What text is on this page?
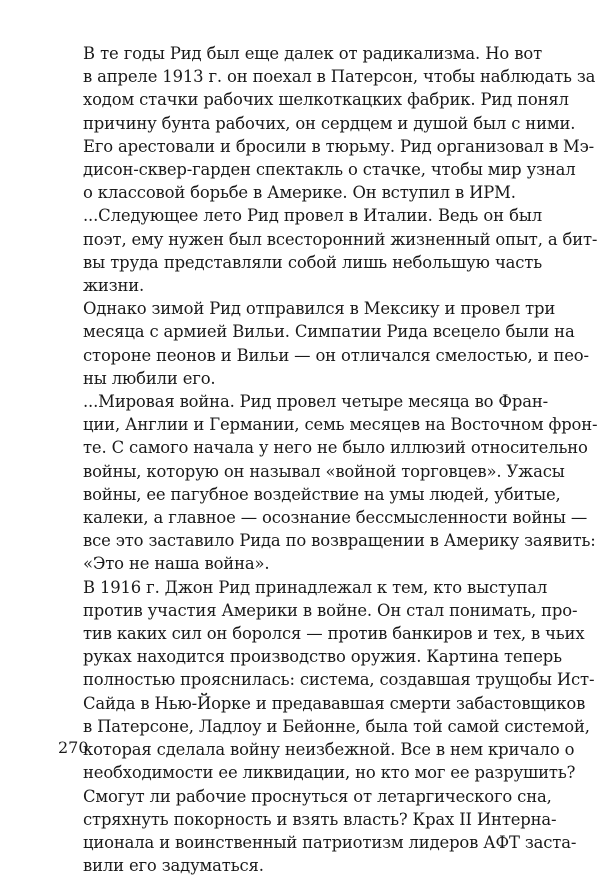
В те годы Рид был еще далек от радикализма. Но вот
в апреле 1913 г. он поехал в Патерсон, чтобы наблюдать за
ходом стачки рабочих шелкоткацких фабрик. Рид понял
причину бунта рабочих, он сердцем и душой был с ними.
Его арестовали и бросили в тюрьму. Рид организовал в Мэ-
дисон-сквер-гарден спектакль о стачке, чтобы мир узнал
о классовой борьбе в Америке. Он вступил в ИРМ.

...Следующее лето Рид провел в Италии. Ведь он был
поэт, ему нужен был всесторонний жизненный опыт, а бит-
вы труда представляли собой лишь небольшую часть
жизни.

Однако зимой Рид отправился в Мексику и провел три
месяца с армией Вильи. Симпатии Рида всецело были на
стороне пеонов и Вильи — он отличался смелостью, и пео-
ны любили его.

...Мировая война. Рид провел четыре месяца во Фран-
ции, Англии и Германии, семь месяцев на Восточном фрон-
те. С самого начала у него не было иллюзий относительно
войны, которую он называл «войной торговцев». Ужасы
войны, ее пагубное воздействие на умы людей, убитые,
калеки, а главное — осознание бессмысленности войны —
все это заставило Рида по возвращении в Америку заявить:
«Это не наша война».

В 1916 г. Джон Рид принадлежал к тем, кто выступал
против участия Америки в войне. Он стал понимать, про-
тив каких сил он боролся — против банкиров и тех, в чьих
руках находится производство оружия. Картина теперь
полностью прояснилась: система, создавшая трущобы Ист-
Сайда в Нью-Йорке и предававшая смерти забастовщиков
в Патерсоне, Ладлоу и Бейонне, была той самой системой,
которая сделала войну неизбежной. Все в нем кричало о
необходимости ее ликвидации, но кто мог ее разрушить?
Смогут ли рабочие проснуться от летаргического сна,
стряхнуть покорность и взять власть? Крах II Интерна-
ционала и воинственный патриотизм лидеров АФТ заста-
вили его задуматься.

270
